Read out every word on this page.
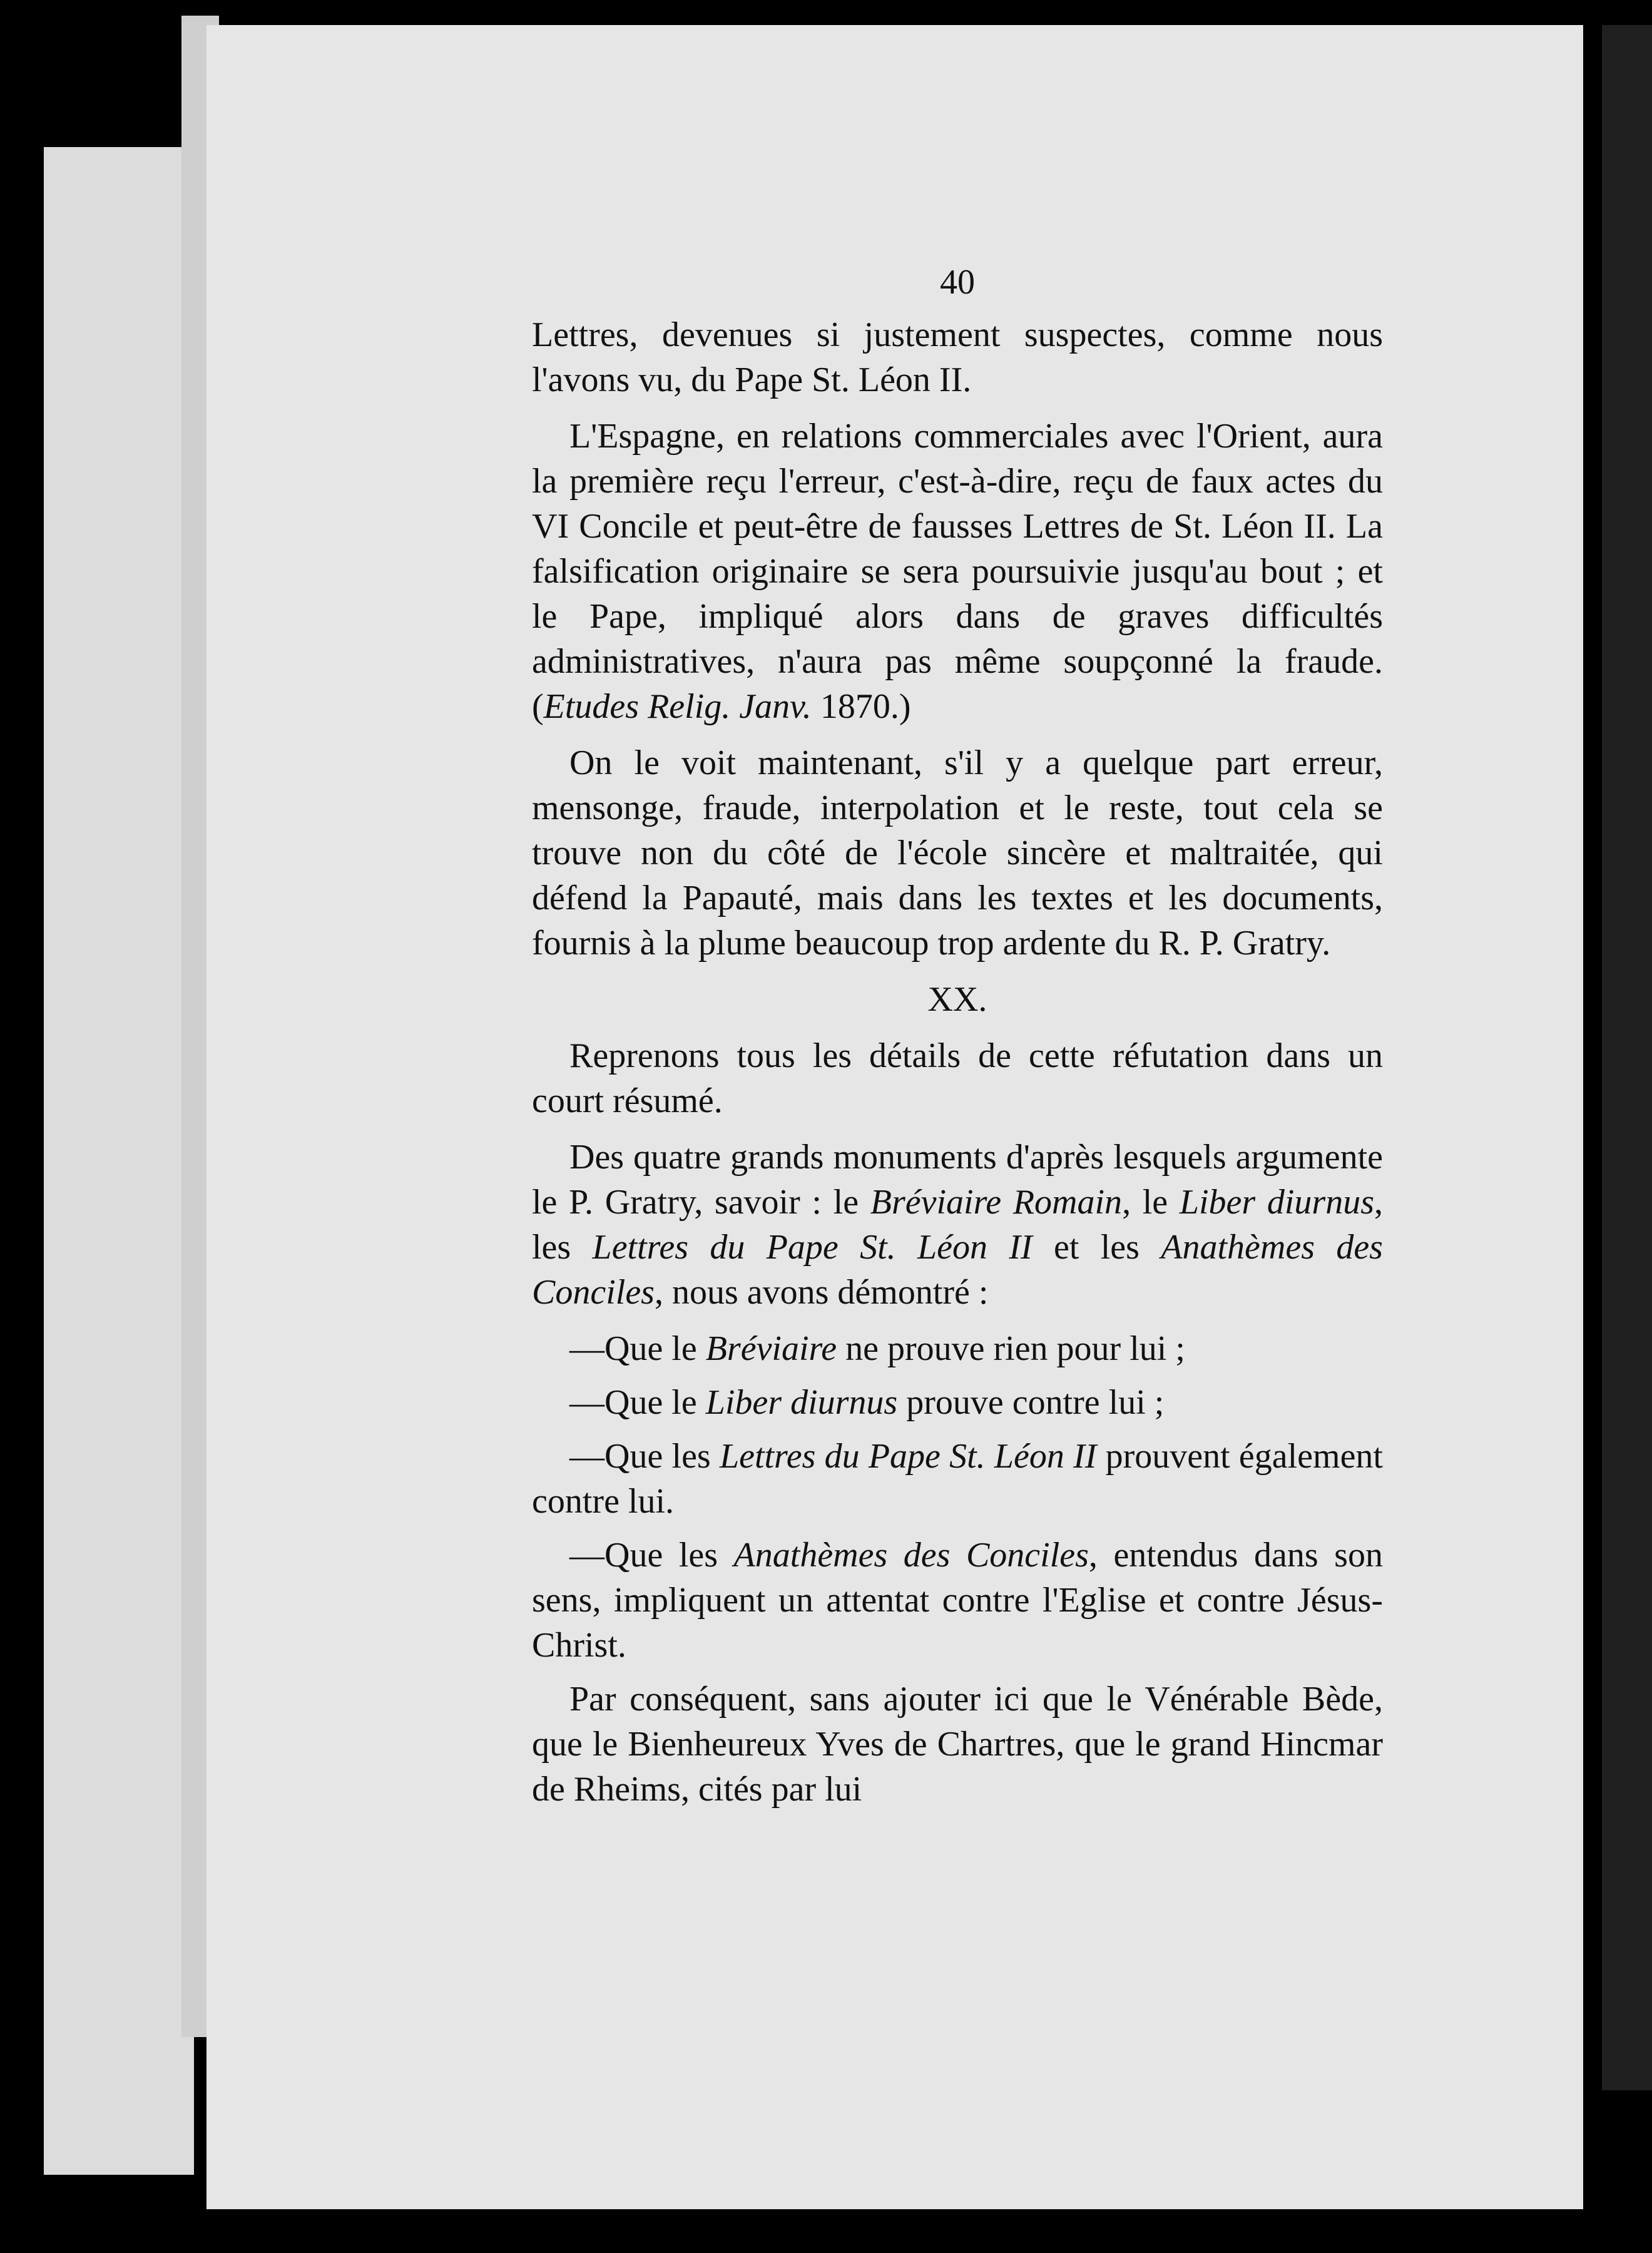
40

Lettres, devenues si justement suspectes, comme nous l'avons vu, du Pape St. Léon II.

L'Espagne, en relations commerciales avec l'Orient, aura la première reçu l'erreur, c'est-à-dire, reçu de faux actes du VI Concile et peut-être de fausses Lettres de St. Léon II. La falsification originaire se sera poursuivie jusqu'au bout ; et le Pape, impliqué alors dans de graves difficultés administratives, n'aura pas même soupçonné la fraude. (Etudes Relig. Janv. 1870.)

On le voit maintenant, s'il y a quelque part erreur, mensonge, fraude, interpolation et le reste, tout cela se trouve non du côté de l'école sincère et maltraitée, qui défend la Papauté, mais dans les textes et les documents, fournis à la plume beaucoup trop ardente du R. P. Gratry.

XX.

Reprenons tous les détails de cette réfutation dans un court résumé.

Des quatre grands monuments d'après lesquels argumente le P. Gratry, savoir : le Bréviaire Romain, le Liber diurnus, les Lettres du Pape St. Léon II et les Anathèmes des Conciles, nous avons démontré :

—Que le Bréviaire ne prouve rien pour lui ;

—Que le Liber diurnus prouve contre lui ;

—Que les Lettres du Pape St. Léon II prouvent également contre lui.

—Que les Anathèmes des Conciles, entendus dans son sens, impliquent un attentat contre l'Eglise et contre Jésus-Christ.

Par conséquent, sans ajouter ici que le Vénérable Bède, que le Bienheureux Yves de Chartres, que le grand Hincmar de Rheims, cités par lui
